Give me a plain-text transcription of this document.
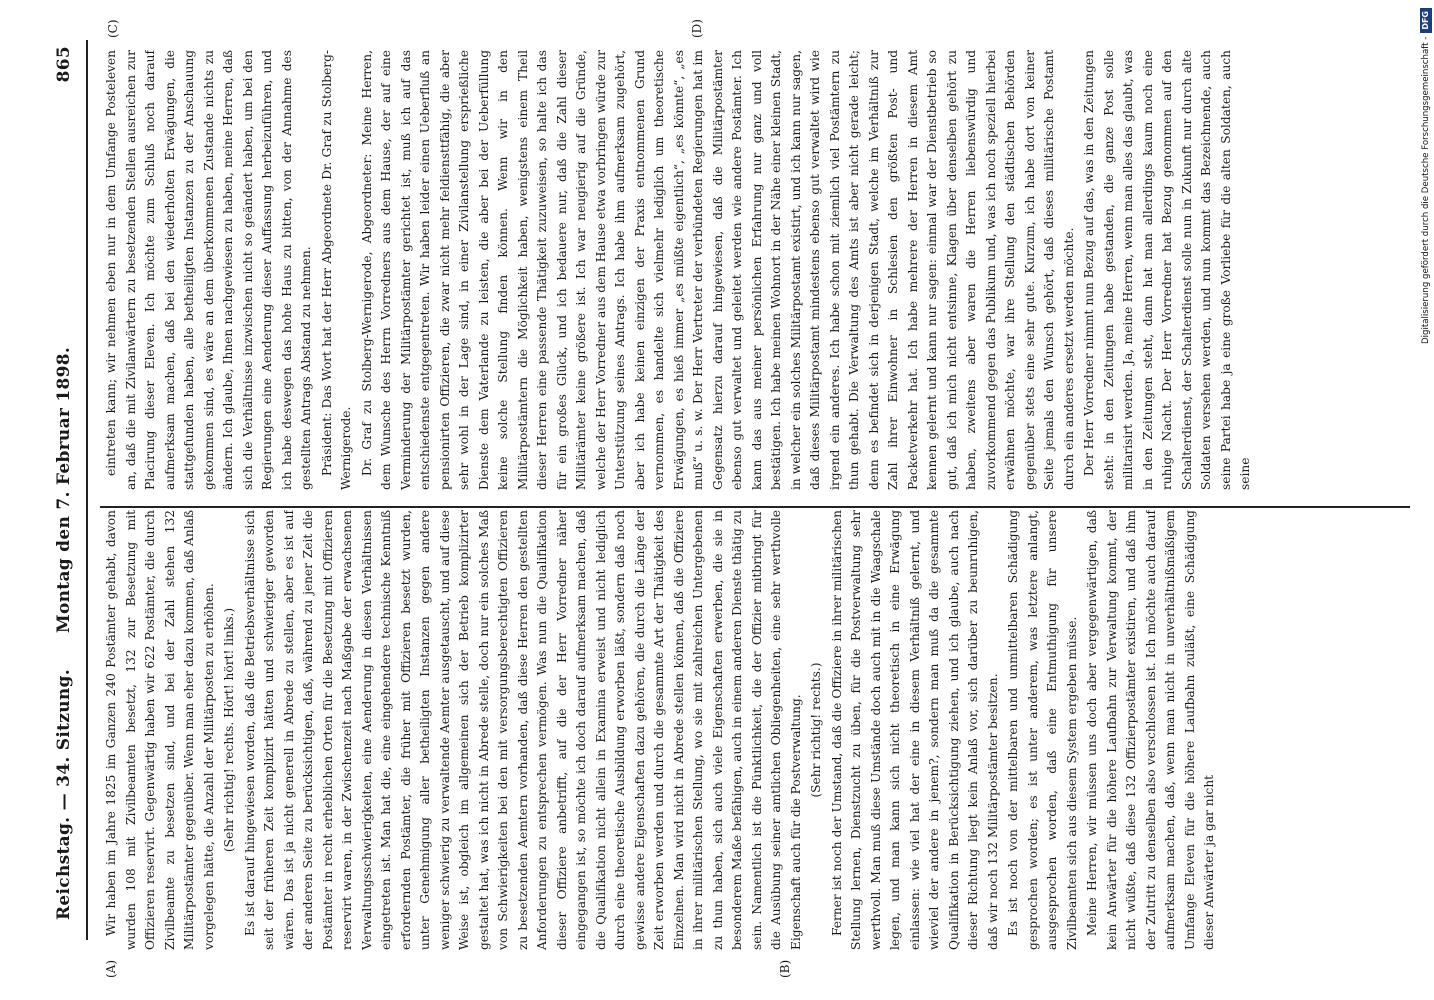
Reichstag. — 34. Sitzung.
Montag den 7. Februar 1898.
865
(A)	(B)
(C)	(D)

Wir haben im Jahre 1825 im Ganzen 240 Postämter gehabt, davon wurden 108 mit Zivilbeamten besetzt, 132 zur Besetzung mit Offizieren reservirt. Gegenwärtig haben wir 622 Postämter, die durch Zivilbeamte zu besetzen sind, und bei der Zahl stehen 132 Militärpostämter gegenüber. Wenn man eher dazu kommen, daß Anlaß vorgelegen hätte, die Anzahl der Militärposten zu erhöhen. (Sehr richtig! rechts. Hört! hört! links.) Es ist darauf hingewiesen worden, daß die Betriebsverhältnisse sich seit der früheren Zeit komplizirt hätten und schwieriger geworden wären. Das ist ja nicht generell in Abrede zu stellen, aber es ist auf der anderen Seite zu berücksichtigen, daß, während zu jener Zeit die Postämter in recht erheblichen Orten für die Besetzung mit Offizieren reservirt waren, in der Zwischenzeit nach Maßgabe der erwachsenen Verwaltungsschwierigkeiten, eine Aenderung in diesen Verhältnissen eingetreten ist. Man hat die, eine eingehendere technische Kenntniß erfordernden Postämter, die früher mit Offizieren besetzt wurden, unter Genehmigung aller betheiligten Instanzen gegen andere weniger schwierig zu verwaltende Aemter ausgetauscht, und auf diese Weise ist, obgleich im allgemeinen sich der Betrieb komplizirter gestaltet hat, was ich nicht in Abrede stelle, doch nur ein solches Maß von Schwierigkeiten bei den mit versorgungsberechtigten Offizieren zu besetzenden Aemtern vorhanden, daß diese Herren den gestellten Anforderungen zu entsprechen vermögen. Was nun die Qualifikation dieser Offiziere anbetrifft, auf die der Herr Vorredner näher eingegangen ist, so möchte ich doch darauf aufmerksam machen, daß die Qualifikation nicht allein in Examina erweist und nicht lediglich durch eine theoretische Ausbildung erworben läßt, sondern daß noch gewisse andere Eigenschaften dazu gehören, die durch die Länge der Zeit erworben werden und durch die gesammte Art der Thätigkeit des Einzelnen. Man wird nicht in Abrede stellen können, daß die Offiziere in ihrer militärischen Stellung, wo sie mit zahlreichen Untergebenen zu thun haben, sich auch viele Eigenschaften erwerben, die sie in besonderem Maße befähigen, auch in einem anderen Dienste thätig zu sein. Namentlich ist die Pünktlichkeit, die der Offizier mitbringt für die Ausübung seiner amtlichen Obliegenheiten, eine sehr werthvolle Eigenschaft auch für die Postverwaltung. (Sehr richtig! rechts.) Ferner ist noch der Umstand, daß die Offiziere in ihrer militärischen Stellung lernen, Dienstzucht zu üben, für die Postverwaltung sehr werthvoll. Man muß diese Umstände doch auch mit in die Waagschale legen, und man kann sich nicht theoretisch in eine Erwägung einlassen: wie viel hat der eine in diesem Verhältniß gelernt, und wieviel der andere in jenem?, sondern man muß da die gesammte Qualifikation in Berücksichtigung ziehen, und ich glaube, auch nach dieser Richtung liegt kein Anlaß vor, sich darüber zu beunruhigen, daß wir noch 132 Militärpostämter besitzen. Es ist noch von der mittelbaren und unmittelbaren Schädigung gesprochen worden; es ist unter anderem, was letztere anlangt, ausgesprochen worden, daß eine Entmuthigung für unsere Zivilbeamten sich aus diesem System ergeben müsse. Meine Herren, wir müssen uns doch aber vergegenwärtigen, daß kein Anwärter für die höhere Laufbahn zur Verwaltung kommt, der nicht wüßte, daß diese 132 Offizierpostämter existiren, und daß ihm der Zutritt zu denselben also verschlossen ist. Ich möchte auch darauf aufmerksam machen, daß, wenn man nicht in unverhältnißmäßigem Umfange Eleven für die höhere Laufbahn zuläßt, eine Schädigung dieser Anwärter ja gar nicht

eintreten kann; wir nehmen eben nur in dem Umfange Posteleven an, daß die mit Zivilanwärtern zu besetzenden Stellen ausreichen zur Placirung dieser Eleven. Ich möchte zum Schluß noch darauf aufmerksam machen, daß bei den wiederholten Erwägungen, die stattgefunden haben, alle betheiligten Instanzen zu der Anschauung gekommen sind, es wäre an dem überkommenen Zustande nichts zu ändern. Ich glaube, Ihnen nachgewiesen zu haben, meine Herren, daß sich die Verhältnisse inzwischen nicht so geändert haben, um bei den Regierungen eine Aenderung dieser Auffassung herbeizuführen, und ich habe deswegen das hohe Haus zu bitten, von der Annahme des gestellten Antrags Abstand zu nehmen. Präsident: Das Wort hat der Herr Abgeordnete Dr. Graf zu Stolberg-Wernigerode. Dr. Graf zu Stolberg-Wernigerode, Abgeordneter: Meine Herren, dem Wunsche des Herrn Vorredners aus dem Hause, der auf eine Verminderung der Militärpostämter gerichtet ist, muß ich auf das entschiedenste entgegentreten. Wir haben leider einen Ueberfluß an pensionirten Offizieren, die zwar nicht mehr feldiensttfähig, die aber sehr wohl in der Lage sind, in einer Zivilanstellung ersprießliche Dienste dem Vaterlande zu leisten, die aber bei der Ueberfüllung keine solche Stellung finden können. Wenn wir in den Militärpostämtern die Möglichkeit haben, wenigstens einem Theil dieser Herren eine passende Thätigkeit zuzuweisen, so halte ich das für ein großes Glück, und ich bedauere nur, daß die Zahl dieser Militärämter keine größere ist. Ich war neugierig auf die Gründe, welche der Herr Vorredner aus dem Hause etwa vorbringen würde zur Unterstützung seines Antrags. Ich habe ihm aufmerksam zugehört, aber ich habe keinen einzigen der Praxis entnommenen Grund vernommen, es handelte sich vielmehr lediglich um theoretische Erwägungen, es hieß immer „es müßte eigentlich“, „es könnte“, „es muß“ u. s. w. Der Herr Vertreter der verbündeten Regierungen hat im Gegensatz hierzu darauf hingewiesen, daß die Militärpostämter ebenso gut verwaltet und geleitet werden wie andere Postämter. Ich kann das aus meiner persönlichen Erfahrung nur ganz und voll bestätigen. Ich habe meinen Wohnort in der Nähe einer kleinen Stadt, in welcher ein solches Militärpostamt existirt, und ich kann nur sagen, daß dieses Militärpostamt mindestens ebenso gut verwaltet wird wie irgend ein anderes. Ich habe schon mit ziemlich viel Postämtern zu thun gehabt. Die Verwaltung des Amts ist aber nicht gerade leicht; denn es befindet sich in derjenigen Stadt, welche im Verhältniß zur Zahl ihrer Einwohner in Schlesien den größten Post- und Packetverkehr hat. Ich habe mehrere der Herren in diesem Amt kennen gelernt und kann nur sagen: einmal war der Dienstbetrieb so gut, daß ich mich nicht entsinne, Klagen über denselben gehört zu haben, zweitens aber waren die Herren liebenswürdig und zuvorkommend gegen das Publikum und, was ich noch speziell hierbei erwähnen möchte, war ihre Stellung den städtischen Behörden gegenüber stets eine sehr gute. Kurzum, ich habe dort von keiner Seite jemals den Wunsch gehört, daß dieses militärische Postamt durch ein anderes ersetzt werden möchte. Der Herr Vorredner nimmt nun Bezug auf das, was in den Zeitungen steht: in den Zeitungen habe gestanden, die ganze Post solle militarisirt werden. Ja, meine Herren, wenn man alles das glaubt, was in den Zeitungen steht, dann hat man allerdings kaum noch eine ruhige Nacht. Der Herr Vorredner hat Bezug genommen auf den Schalterdienst, der Schalterdienst solle nun in Zukunft nur durch alte Soldaten versehen werden, und nun kommt das Bezeichnende, auch seine Partei habe ja eine große Vorliebe für die alten Soldaten, auch seine

Digitalisierung gefördert durch die Deutsche Forschungsgemeinschaft -DFG
